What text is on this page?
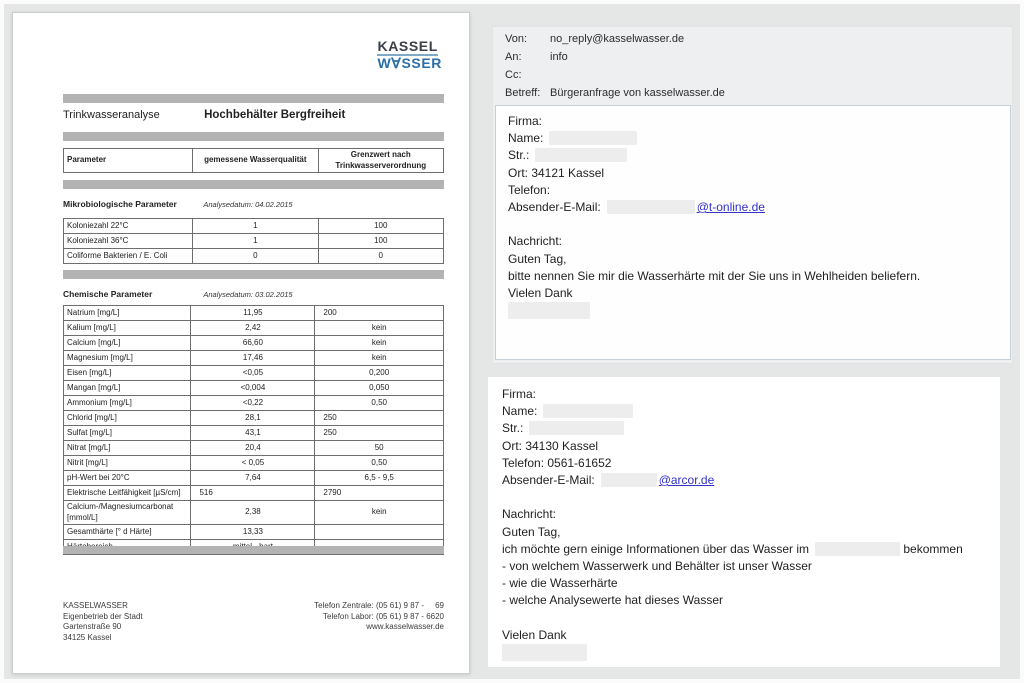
KASSEL
W∀SSER
Trinkwasseranalyse	Hochbehälter Bergfreiheit
Parameter	gemessene Wasserqualität	Grenzwert nach Trinkwasserverordnung
Mikrobiologische Parameter	Analysedatum: 04.02.2015
Koloniezahl 22°C	1	100
Koloniezahl 36°C	1	100
Coliforme Bakterien / E. Coli	0	0
Chemische Parameter	Analysedatum: 03.02.2015
Natrium [mg/L]	11,95	200
Kalium [mg/L]	2,42	kein
Calcium [mg/L]	66,60	kein
Magnesium [mg/L]	17,46	kein
Eisen [mg/L]	<0,05	0,200
Mangan [mg/L]	<0,004	0,050
Ammonium [mg/L]	<0,22	0,50
Chlorid [mg/L]	28,1	250
Sulfat [mg/L]	43,1	250
Nitrat [mg/L]	20,4	50
Nitrit [mg/L]	< 0,05	0,50
pH-Wert bei 20°C	7,64	6,5 - 9,5
Elektrische Leitfähigkeit [µS/cm]	516	2790
Calcium-/Magnesiumcarbonat [mmol/L]	2,38	kein
Gesamthärte [° d Härte]	13,33	

KASSELWASSER
Eigenbetrieb der Stadt
Gartenstraße 90
34125 Kassel
Telefon Zentrale: (05 61) 9 87 -     69
Telefon Labor: (05 61) 9 87 - 6620
www.kasselwasser.de
Von: no_reply@kasselwasser.de
An:	info
Cc:
Betreff: Bürgeranfrage von kasselwasser.de
Firma:
Name:
Str.:
Ort: 34121 Kassel
Telefon:
Absender-E-Mail:	@t-online.de
Nachricht:
Guten Tag,
bitte nennen Sie mir die Wasserhärte mit der Sie uns in Wehlheiden beliefern.
Vielen Dank
Firma:
Name:
Str.:
Ort: 34130 Kassel
Telefon: 0561-61652
Absender-E-Mail:	@arcor.de
Nachricht:
Guten Tag,
ich möchte gern einige Informationen über das Wasser im	bekommen
- von welchem Wasserwerk und Behälter ist unser Wasser
- wie die Wasserhärte
- welche Analysewerte hat dieses Wasser
Vielen Dank
